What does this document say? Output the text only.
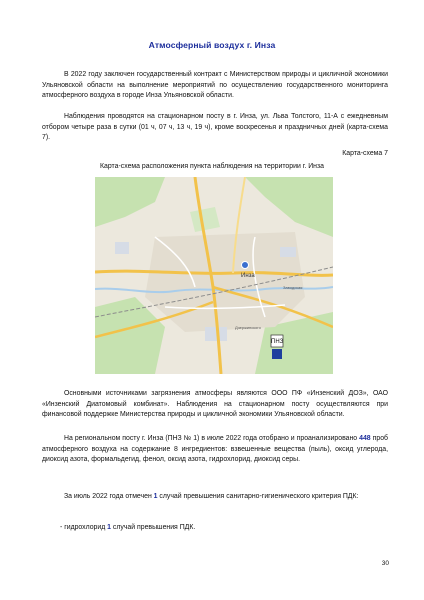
Атмосферный воздух г. Инза

В 2022 году заключен государственный контракт с Министерством природы и цикличной экономики Ульяновской области на выполнение мероприятий по осуществлению государственного мониторинга атмосферного воздуха в городе Инза Ульяновской области.

Наблюдения проводятся на стационарном посту в г. Инза, ул. Льва Толстого, 11-А с ежедневным отбором четыре раза в сутки (01 ч, 07 ч, 13 ч, 19 ч), кроме воскресенья и праздничных дней (карта-схема 7).

Карта-схема 7
Карта-схема расположения пункта наблюдения на территории г. Инза
Инза
Заводская
Дзержинского
ПНЗ

Основными источниками загрязнения атмосферы являются ООО ПФ «Инзенский ДОЗ», ОАО «Инзенский Диатомовый комбинат». Наблюдения на стационарном посту осуществляются при финансовой поддержке Министерства природы и цикличной экономики Ульяновской области.

На региональном посту г. Инза (ПНЗ № 1) в июле 2022 года отобрано и проанализировано 448 проб атмосферного воздуха на содержание 8 ингредиентов: взвешенные вещества (пыль), оксид углерода, диоксид азота, формальдегид, фенол, оксид азота, гидрохлорид, диоксид серы.

За июль 2022 года отмечен 1 случай превышения санитарно-гигиенического критерия ПДК:

- гидрохлорид 1 случай превышения ПДК.
30
